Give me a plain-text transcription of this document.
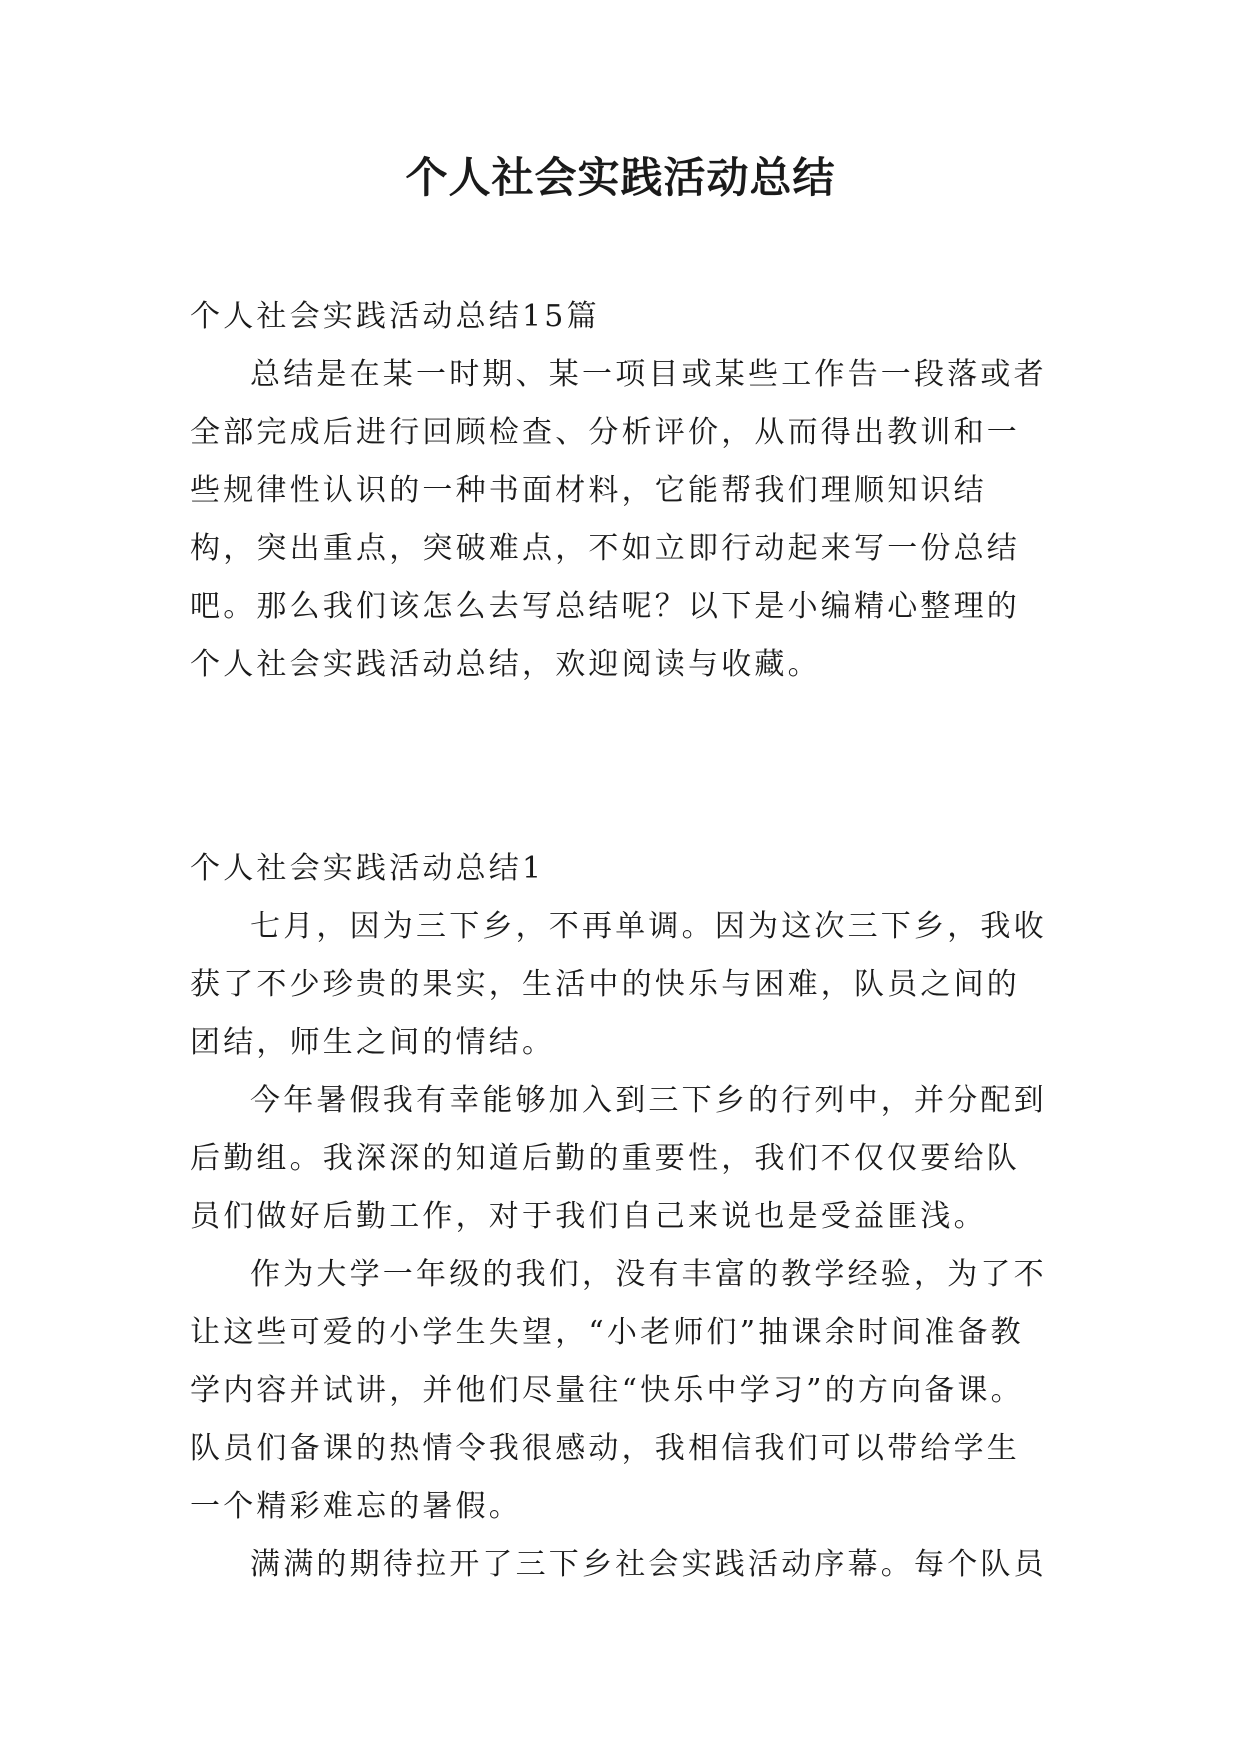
个人社会实践活动总结

个人社会实践活动总结15篇

总结是在某一时期、某一项目或某些工作告一段落或者全部完成后进行回顾检查、分析评价，从而得出教训和一些规律性认识的一种书面材料，它能帮我们理顺知识结构，突出重点，突破难点，不如立即行动起来写一份总结吧。那么我们该怎么去写总结呢？以下是小编精心整理的个人社会实践活动总结，欢迎阅读与收藏。

个人社会实践活动总结1

七月，因为三下乡，不再单调。因为这次三下乡，我收获了不少珍贵的果实，生活中的快乐与困难，队员之间的团结，师生之间的情结。

今年暑假我有幸能够加入到三下乡的行列中，并分配到后勤组。我深深的知道后勤的重要性，我们不仅仅要给队员们做好后勤工作，对于我们自己来说也是受益匪浅。

作为大学一年级的我们，没有丰富的教学经验，为了不让这些可爱的小学生失望，“小老师们”抽课余时间准备教学内容并试讲，并他们尽量往“快乐中学习”的方向备课。队员们备课的热情令我很感动，我相信我们可以带给学生一个精彩难忘的暑假。

满满的期待拉开了三下乡社会实践活动序幕。每个队员
